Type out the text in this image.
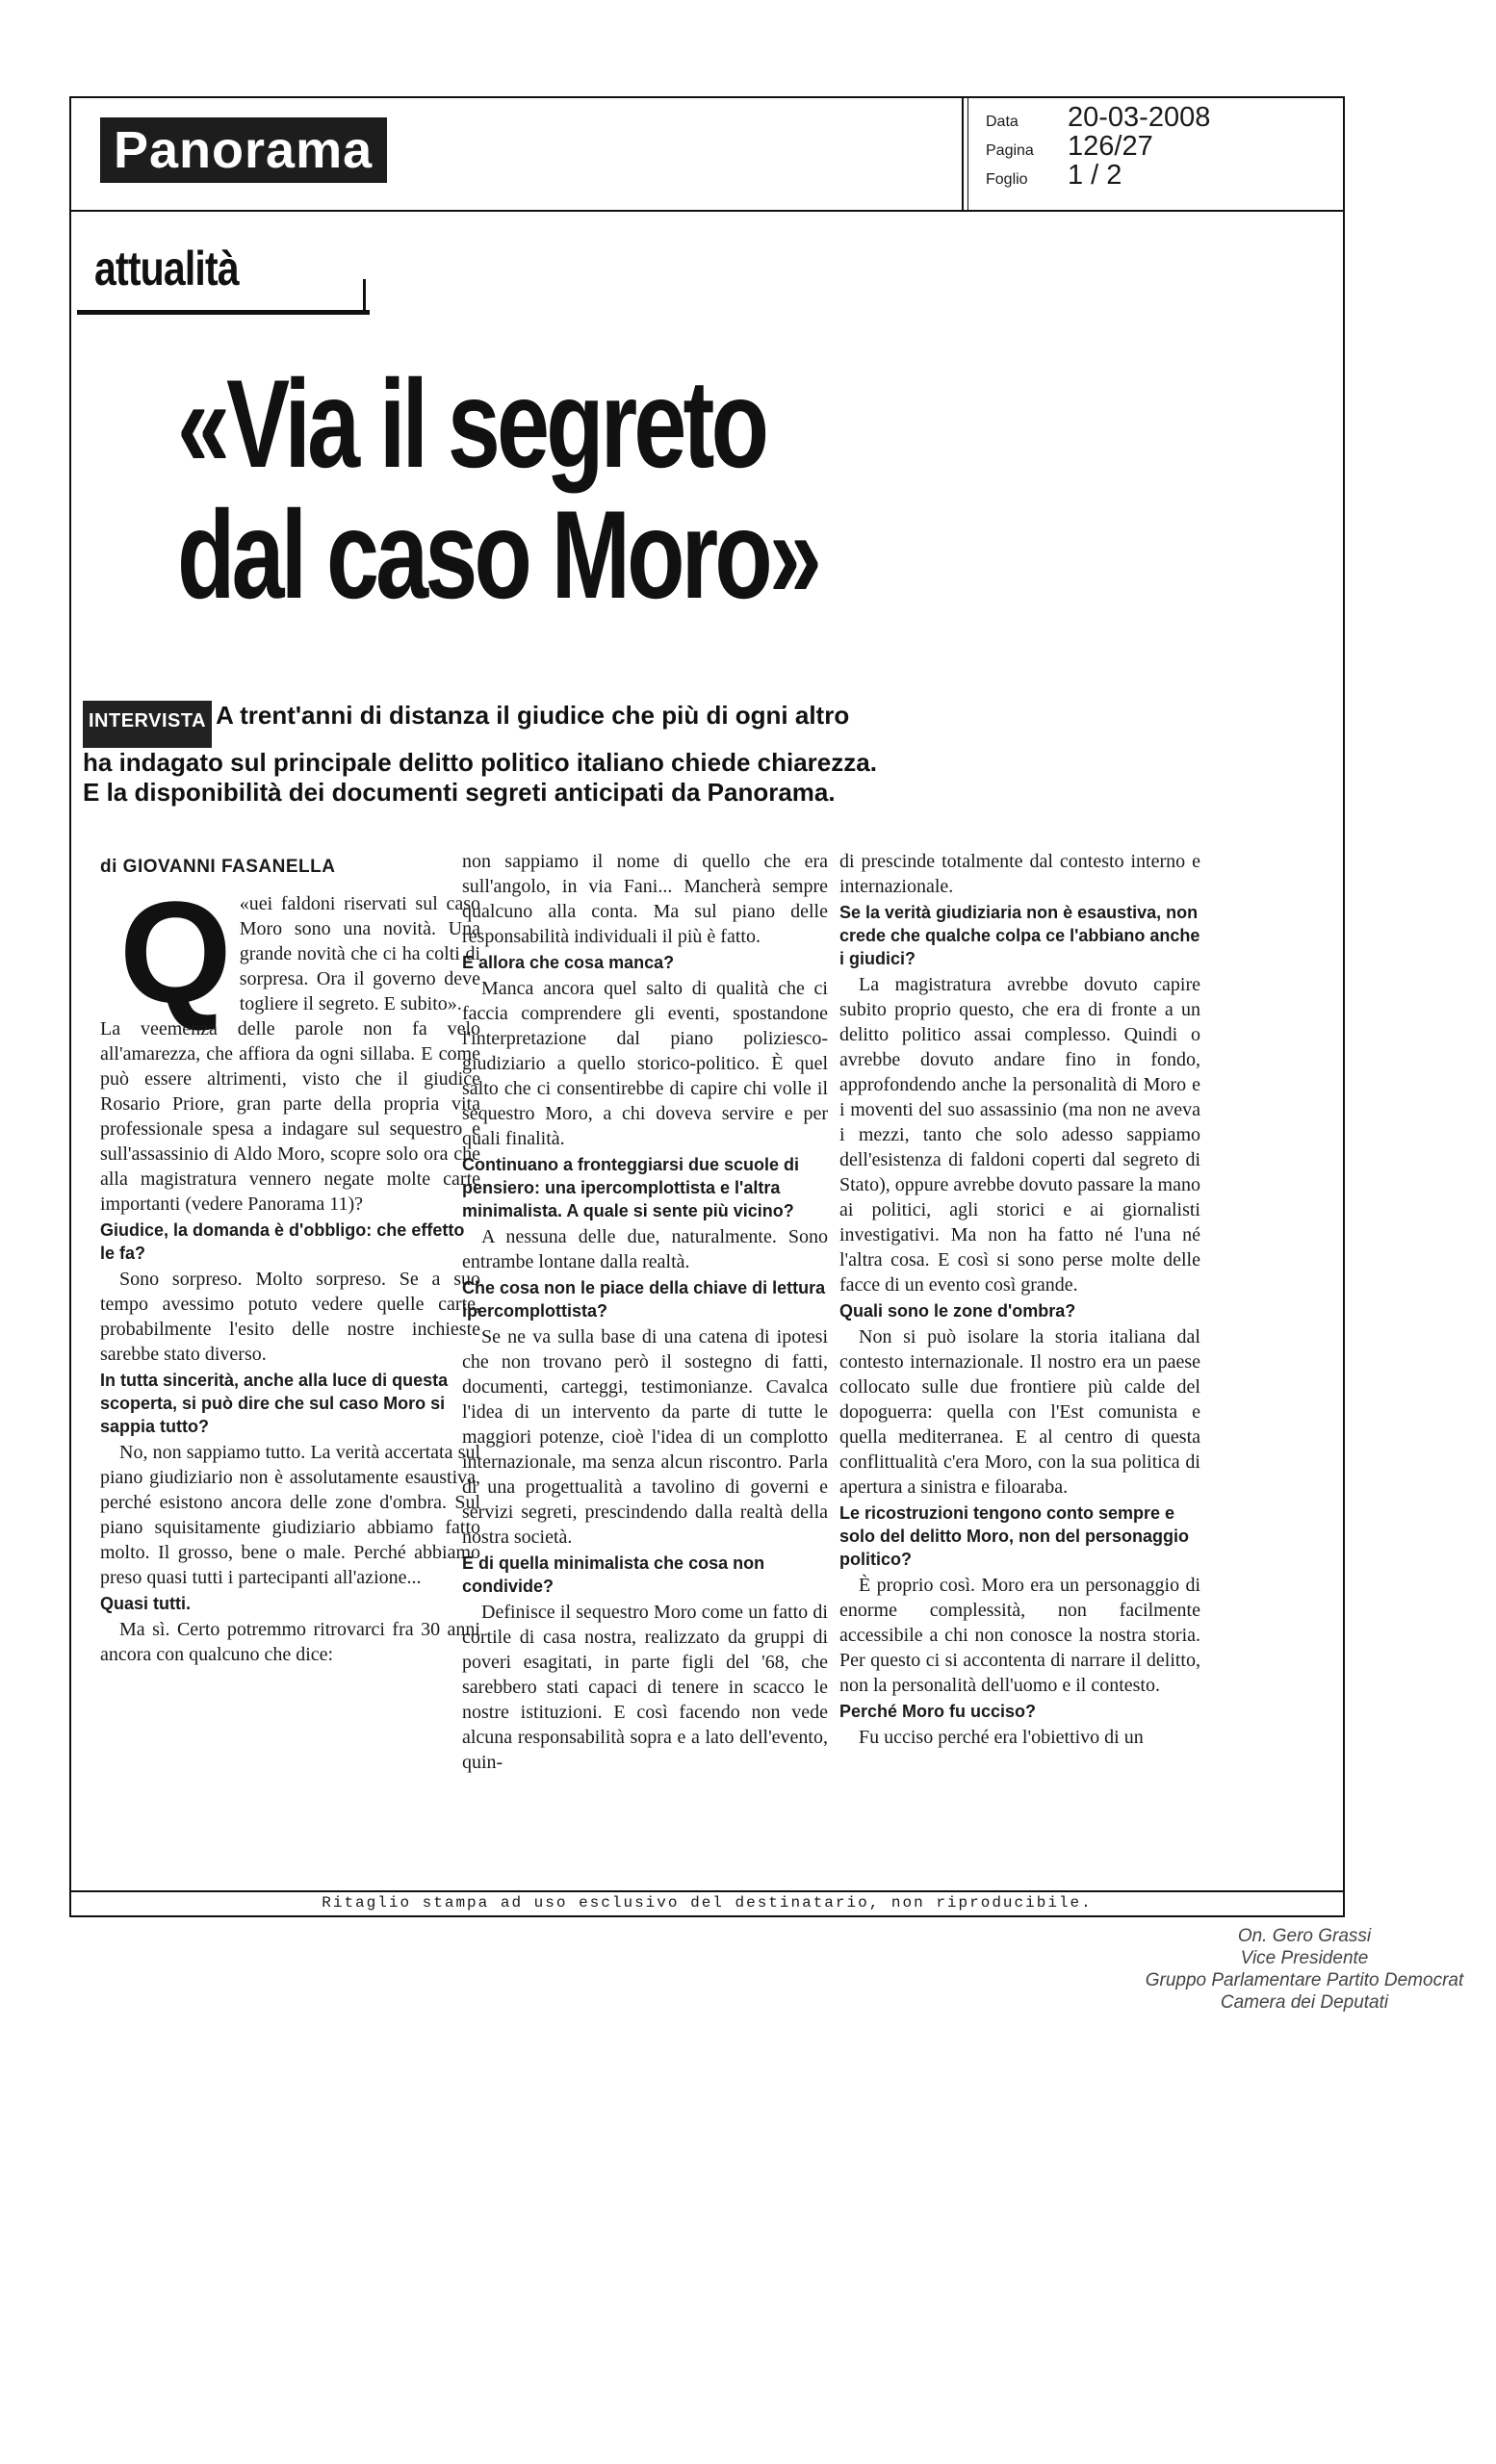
Panorama	Data	20-03-2008
Pagina	126/27
Foglio	1 / 2
attualità
«Via il segreto
dal caso Moro»
INTERVISTA A trent'anni di distanza il giudice che più di ogni altro
ha indagato sul principale delitto politico italiano chiede chiarezza.
E la disponibilità dei documenti segreti anticipati da Panorama.
di GIOVANNI FASANELLA
Q «uei faldoni riservati sul caso Moro sono una novità. Una grande novità che ci ha colti di sorpresa. Ora il governo deve togliere il segreto. E subito».

La veemenza delle parole non fa velo all'amarezza, che affiora da ogni sillaba. E come può essere altrimenti, visto che il giudice Rosario Priore, gran parte della propria vita professionale spesa a indagare sul sequestro e sull'assassinio di Aldo Moro, scopre solo ora che alla magistratura vennero negate molte carte importanti (vedere Panorama 11)?

Giudice, la domanda è d'obbligo: che effetto le fa?

Sono sorpreso. Molto sorpreso. Se a suo tempo avessimo potuto vedere quelle carte, probabilmente l'esito delle nostre inchieste sarebbe stato diverso.

In tutta sincerità, anche alla luce di questa scoperta, si può dire che sul caso Moro si sappia tutto?

No, non sappiamo tutto. La verità accertata sul piano giudiziario non è assolutamente esaustiva, perché esistono ancora delle zone d'ombra. Sul piano squisitamente giudiziario abbiamo fatto molto. Il grosso, bene o male. Perché abbiamo preso quasi tutti i partecipanti all'azione...

Quasi tutti.

Ma sì. Certo potremmo ritrovarci fra 30 anni ancora con qualcuno che dice:

non sappiamo il nome di quello che era sull'angolo, in via Fani... Mancherà sempre qualcuno alla conta. Ma sul piano delle responsabilità individuali il più è fatto.

E allora che cosa manca?

Manca ancora quel salto di qualità che ci faccia comprendere gli eventi, spostandone l'interpretazione dal piano poliziesco-giudiziario a quello storico-politico. È quel salto che ci consentirebbe di capire chi volle il sequestro Moro, a chi doveva servire e per quali finalità.

Continuano a fronteggiarsi due scuole di pensiero: una ipercomplottista e l'altra minimalista. A quale si sente più vicino?

A nessuna delle due, naturalmente. Sono entrambe lontane dalla realtà.

Che cosa non le piace della chiave di lettura ipercomplottista?

Se ne va sulla base di una catena di ipotesi che non trovano però il sostegno di fatti, documenti, carteggi, testimonianze. Cavalca l'idea di un intervento da parte di tutte le maggiori potenze, cioè l'idea di un complotto internazionale, ma senza alcun riscontro. Parla di una progettualità a tavolino di governi e servizi segreti, prescindendo dalla realtà della nostra società.

E di quella minimalista che cosa non condivide?

Definisce il sequestro Moro come un fatto di cortile di casa nostra, realizzato da gruppi di poveri esagitati, in parte figli del '68, che sarebbero stati capaci di tenere in scacco le nostre istituzioni. E così facendo non vede alcuna responsabilità sopra e a lato dell'evento, quin-

di prescinde totalmente dal contesto interno e internazionale.

Se la verità giudiziaria non è esaustiva, non crede che qualche colpa ce l'abbiano anche i giudici?

La magistratura avrebbe dovuto capire subito proprio questo, che era di fronte a un delitto politico assai complesso. Quindi o avrebbe dovuto andare fino in fondo, approfondendo anche la personalità di Moro e i moventi del suo assassinio (ma non ne aveva i mezzi, tanto che solo adesso sappiamo dell'esistenza di faldoni coperti dal segreto di Stato), oppure avrebbe dovuto passare la mano ai politici, agli storici e ai giornalisti investigativi. Ma non ha fatto né l'una né l'altra cosa. E così si sono perse molte delle facce di un evento così grande.

Quali sono le zone d'ombra?

Non si può isolare la storia italiana dal contesto internazionale. Il nostro era un paese collocato sulle due frontiere più calde del dopoguerra: quella con l'Est comunista e quella mediterranea. E al centro di questa conflittualità c'era Moro, con la sua politica di apertura a sinistra e filoaraba.

Le ricostruzioni tengono conto sempre e solo del delitto Moro, non del personaggio politico?

È proprio così. Moro era un personaggio di enorme complessità, non facilmente accessibile a chi non conosce la nostra storia. Per questo ci si accontenta di narrare il delitto, non la personalità dell'uomo e il contesto.

Perché Moro fu ucciso?

Fu ucciso perché era l'obiettivo di un

Ritaglio stampa ad uso esclusivo del destinatario, non riproducibile.
On. Gero Grassi
Vice Presidente
Gruppo Parlamentare Partito Democrat
Camera dei Deputati
